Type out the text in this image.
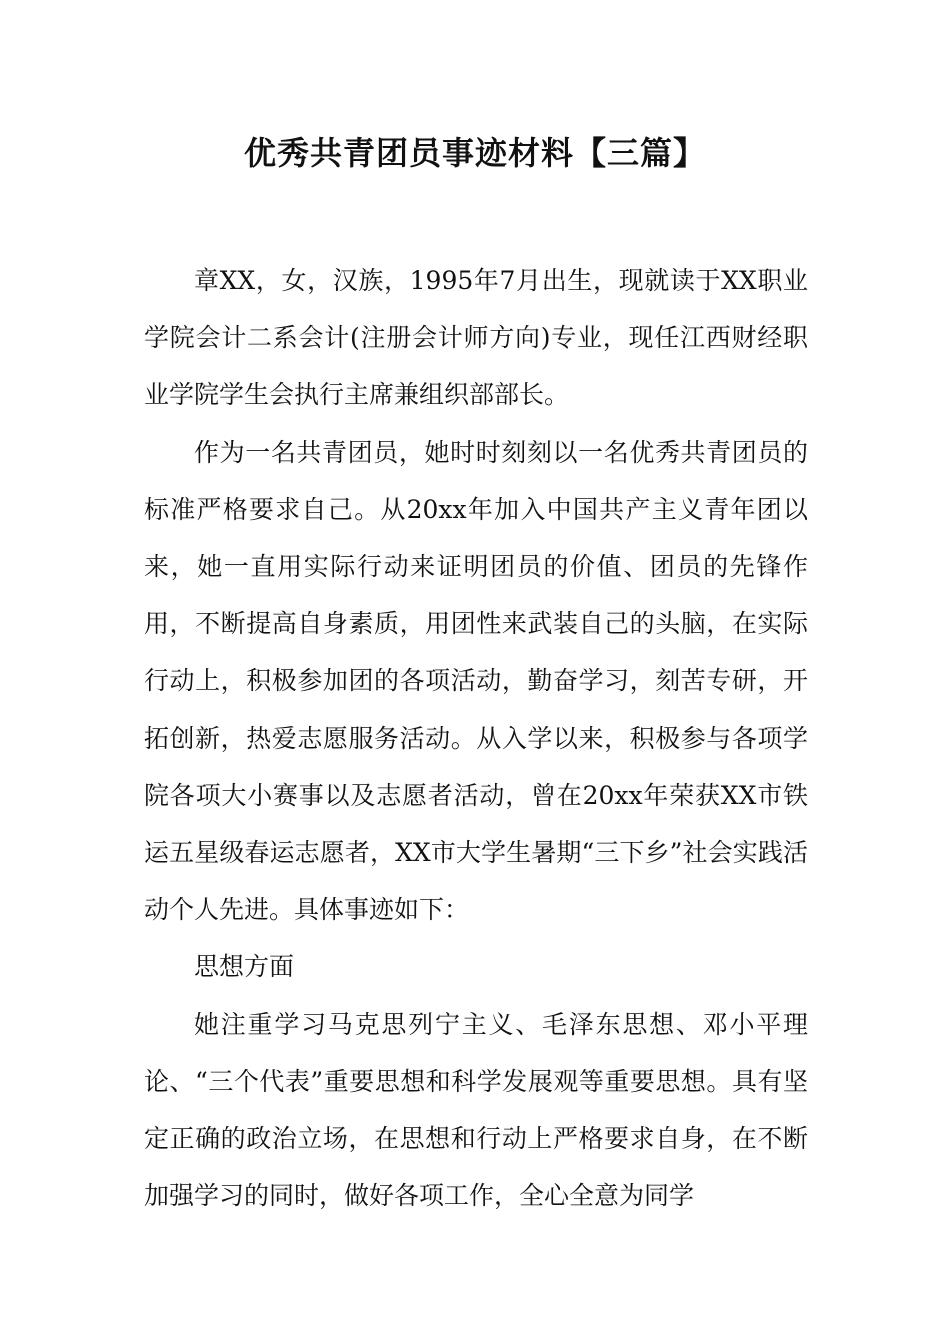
优秀共青团员事迹材料【三篇】

章XX，女，汉族，1995年7月出生，现就读于XX职业学院会计二系会计(注册会计师方向)专业，现任江西财经职业学院学生会执行主席兼组织部部长。

作为一名共青团员，她时时刻刻以一名优秀共青团员的标准严格要求自己。从20xx年加入中国共产主义青年团以来，她一直用实际行动来证明团员的价值、团员的先锋作用，不断提高自身素质，用团性来武装自己的头脑，在实际行动上，积极参加团的各项活动，勤奋学习，刻苦专研，开拓创新，热爱志愿服务活动。从入学以来，积极参与各项学院各项大小赛事以及志愿者活动，曾在20xx年荣获XX市铁运五星级春运志愿者，XX市大学生暑期“三下乡”社会实践活动个人先进。具体事迹如下：

思想方面

她注重学习马克思列宁主义、毛泽东思想、邓小平理论、“三个代表”重要思想和科学发展观等重要思想。具有坚定正确的政治立场，在思想和行动上严格要求自身，在不断加强学习的同时，做好各项工作，全心全意为同学
